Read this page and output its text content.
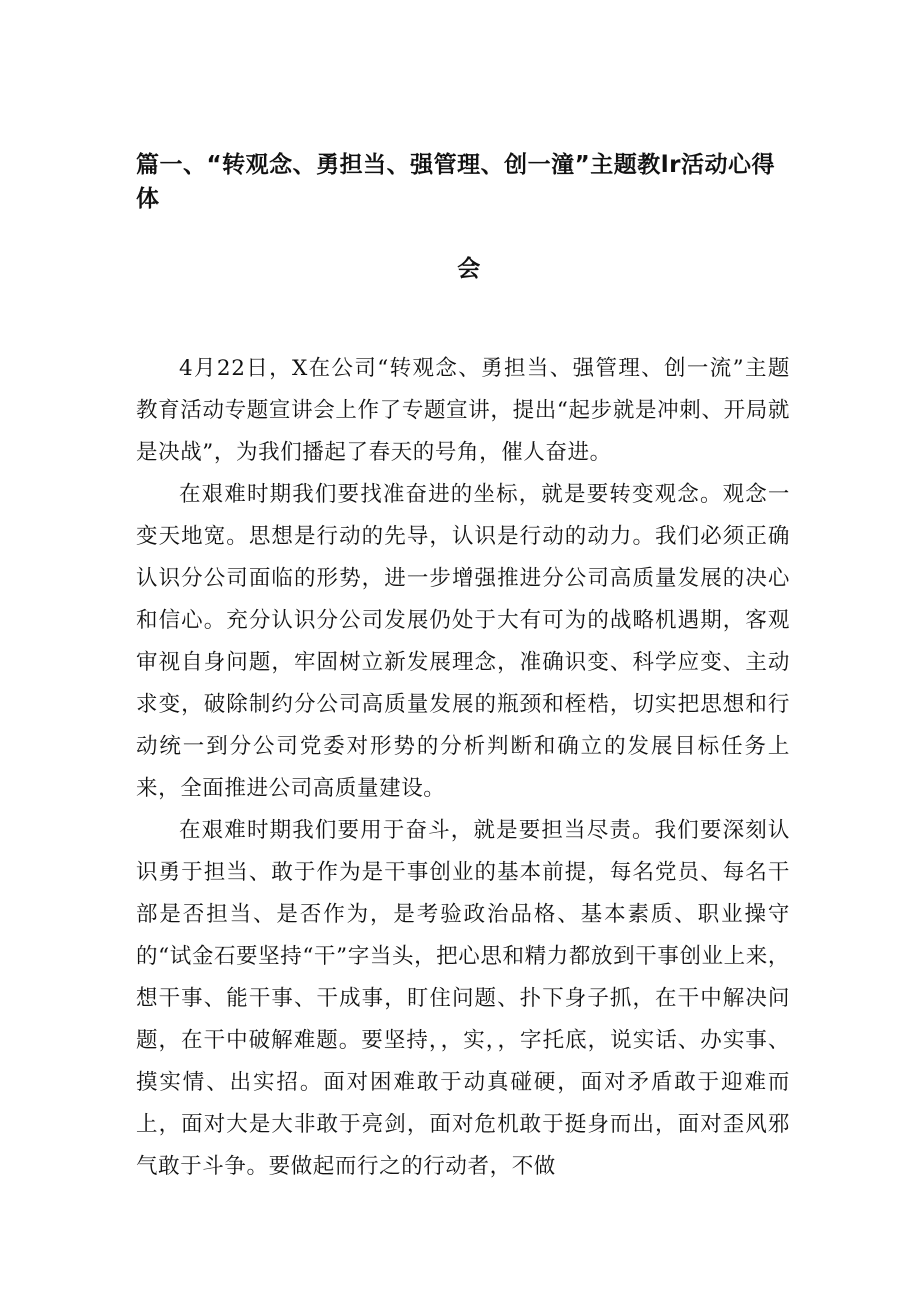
篇一、“转观念、勇担当、强管理、创一潼”主题教lr活动心得
体
会

4月22日，X在公司“转观念、勇担当、强管理、创一流”主题教育活动专题宣讲会上作了专题宣讲，提出“起步就是冲刺、开局就是决战”，为我们播起了春天的号角，催人奋进。

在艰难时期我们要找准奋进的坐标，就是要转变观念。观念一变天地宽。思想是行动的先导，认识是行动的动力。我们必须正确认识分公司面临的形势，进一步增强推进分公司高质量发展的决心和信心。充分认识分公司发展仍处于大有可为的战略机遇期，客观审视自身问题，牢固树立新发展理念，准确识变、科学应变、主动求变，破除制约分公司高质量发展的瓶颈和桎梏，切实把思想和行动统一到分公司党委对形势的分析判断和确立的发展目标任务上来，全面推进公司高质量建设。

在艰难时期我们要用于奋斗，就是要担当尽责。我们要深刻认识勇于担当、敢于作为是干事创业的基本前提，每名党员、每名干部是否担当、是否作为，是考验政治品格、基本素质、职业操守的“试金石要坚持“干”字当头，把心思和精力都放到干事创业上来，想干事、能干事、干成事，盯住问题、扑下身子抓，在干中解决问题，在干中破解难题。要坚持，，实，，字托底，说实话、办实事、摸实情、出实招。面对困难敢于动真碰硬，面对矛盾敢于迎难而上，面对大是大非敢于亮剑，面对危机敢于挺身而出，面对歪风邪气敢于斗争。要做起而行之的行动者，不做
